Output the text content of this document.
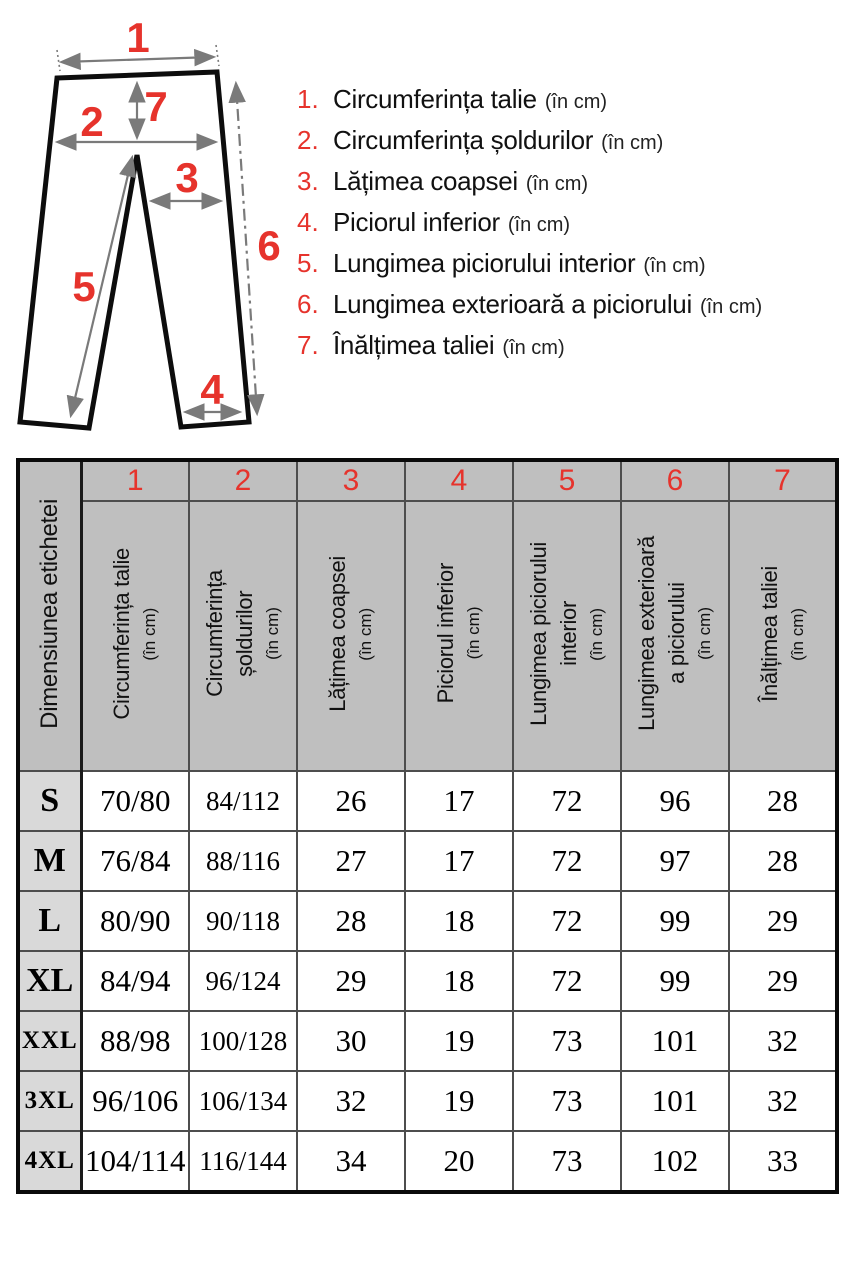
1
2 7
3
5
6
4
1. Circumferința talie (în cm)
2. Circumferința șoldurilor (în cm)
3. Lățimea coapsei (în cm)
4. Piciorul inferior (în cm)
5. Lungimea piciorului interior (în cm)
6. Lungimea exterioară a piciorului (în cm)
7. Înălțimea taliei (în cm)
Dimensiunea etichetei	1	2	3	4	5	6	7

Circumferința talie (în cm)	Circumferința șoldurilor (în cm)	Lățimea coapsei (în cm)	Piciorul inferior (în cm)	Lungimea piciorului interior (în cm)	Lungimea exterioară a piciorului (în cm)	Înălțimea taliei (în cm)

S	70/80	84/112	26	17	72	96	28
M	76/84	88/116	27	17	72	97	28
L	80/90	90/118	28	18	72	99	29
XL	84/94	96/124	29	18	72	99	29
XXL	88/98	100/128	30	19	73	101	32
3XL	96/106	106/134	32	19	73	101	32
4XL	104/114	116/144	34	20	73	102	33
